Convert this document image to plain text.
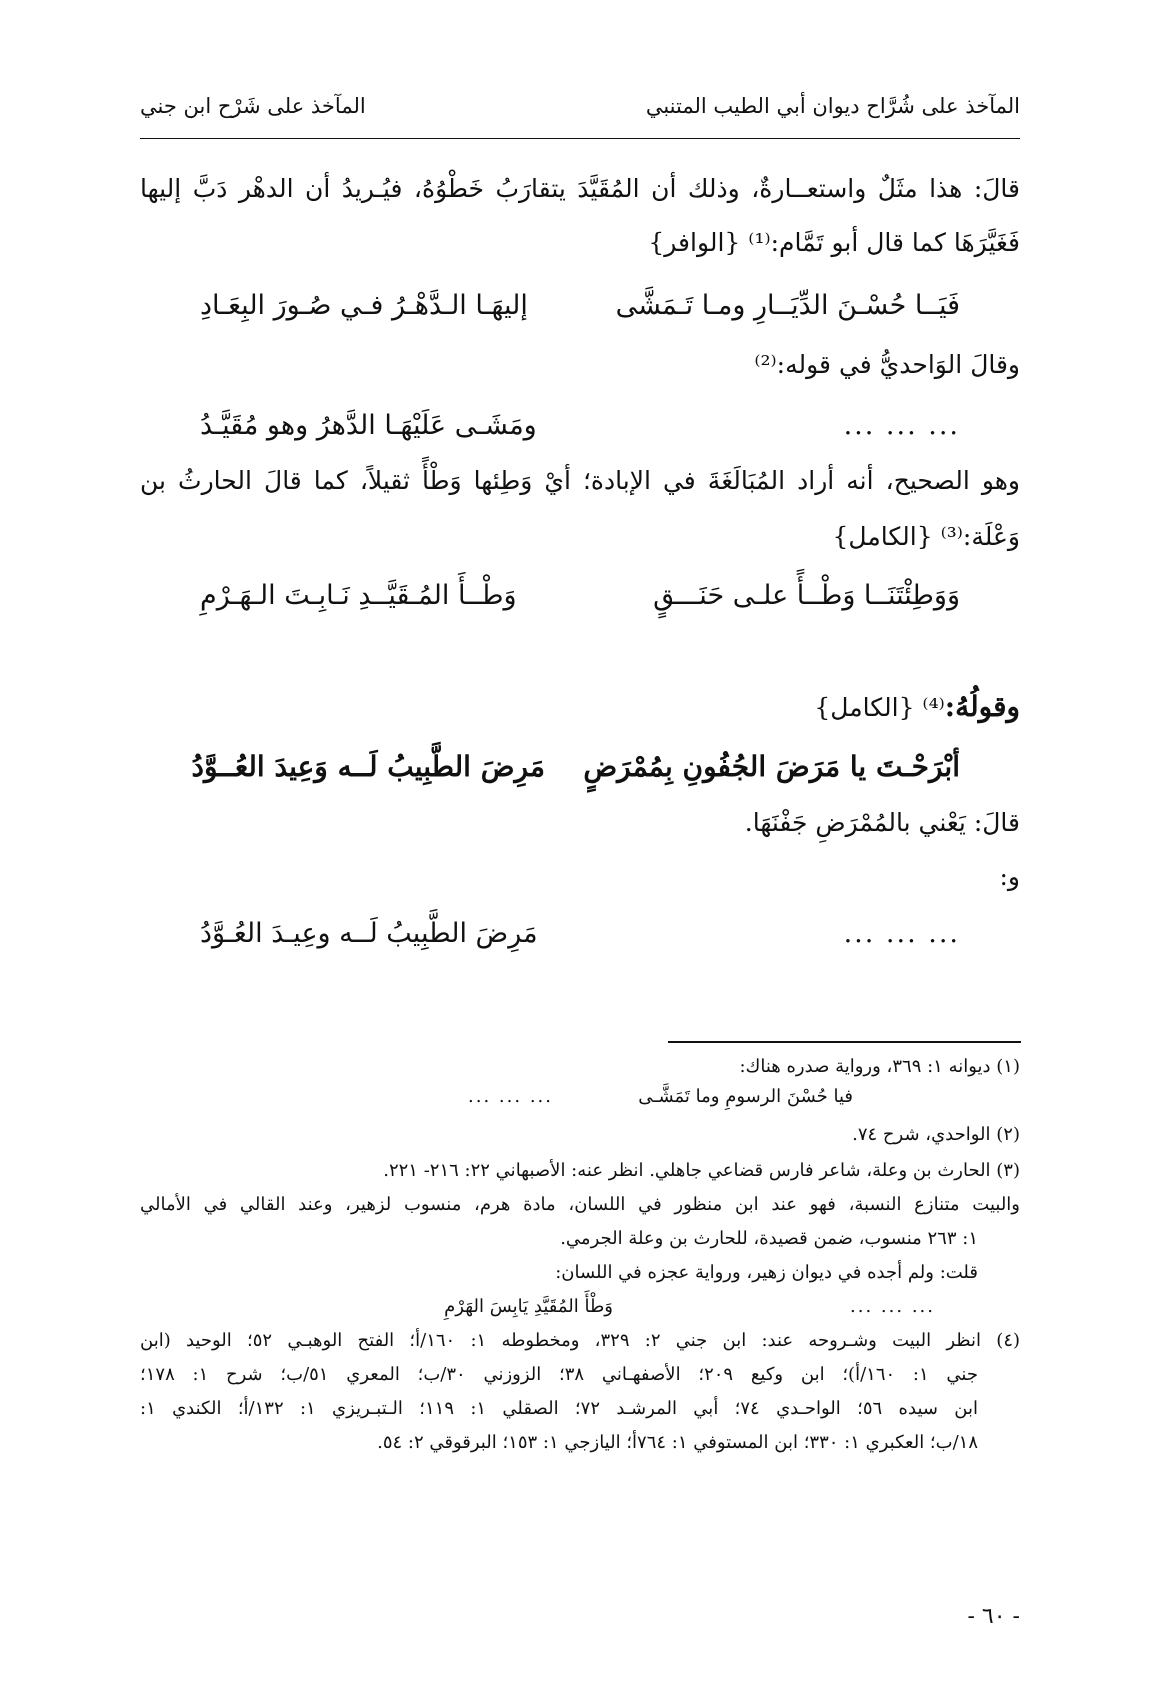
المآخذ على شُرَّاح ديوان أبي الطيب المتنبي
المآخذ على شَرْح ابن جني
قالَ: هذا مثَلٌ واستعــارةٌ، وذلك أن المُقَيَّدَ يتقارَبُ خَطْوُهُ، فيُـريدُ أن الدهْر دَبَّ إليها
فَغَيَّرَهَا كما قال أبو تَمَّام:⁽¹⁾ {الوافر}
فَيَــا حُسْـنَ الدِّيَــارِ ومـا تَـمَشَّى
إليهَـا الـدَّهْـرُ فـي صُـورَ البِعَـادِ
وقالَ الوَاحديُّ في قوله:⁽²⁾
... ... ...
ومَشَـى عَلَيْهَـا الدَّهرُ وهو مُقَيَّـدُ
وهو الصحيح، أنه أراد المُبَالَغَةَ في الإبادة؛ أيْ وَطِئها وَطْأً ثقيلاً، كما قالَ الحارثُ بن
وَعْلَة:⁽³⁾ {الكامل}
وَوَطِئْتَنَــا وَطْــأً علـى حَنَـــقٍ
وَطْــأَ المُـقَيَّــدِ نَـابِـتَ الـهَـرْمِ
وقولُهُ:⁽⁴⁾ {الكامل}
أبْرَحْـتَ يا مَرَضَ الجُفُونِ بِمُمْرَضٍ
مَرِضَ الطَّبِيبُ لَــه وَعِيدَ العُــوَّدُ
قالَ: يَعْني بالمُمْرَضِ جَفْنَهَا.
و:
... ... ...
مَرِضَ الطَّبِيبُ لَــه وعِيـدَ العُـوَّدُ
(١) ديوانه ١: ٣٦٩، ورواية صدره هناك:
فيا حُسْنَ الرسومِ وما تَمَشَّـى
... ... ...
(٢) الواحدي، شرح ٧٤.
(٣) الحارث بن وعلة، شاعر فارس قضاعي جاهلي. انظر عنه: الأصبهاني ٢٢: ٢١٦- ٢٢١.
والبيت متنازع النسبة، فهو عند ابن منظور في اللسان، مادة هرم، منسوب لزهير، وعند القالي في الأمالي
١: ٢٦٣ منسوب، ضمن قصيدة، للحارث بن وعلة الجرمي.
قلت: ولم أجده في ديوان زهير، ورواية عجزه في اللسان:
... ... ...
وَطْأَ المُقَيَّدِ يَابِسَ الهَرْمِ
(٤) انظر البيت وشـروحه عند: ابن جني ٢: ٣٢٩، ومخطوطه ١: ١٦٠/أ؛ الفتح الوهبـي ٥٢؛ الوحيد (ابن
جني ١: ١٦٠/أ)؛ ابن وكيع ٢٠٩؛ الأصفهـاني ٣٨؛ الزوزني ٣٠/ب؛ المعري ٥١/ب؛ شرح ١: ١٧٨؛
ابن سيده ٥٦؛ الواحـدي ٧٤؛ أبي المرشـد ٧٢؛ الصقلي ١: ١١٩؛ الـتبـريزي ١: ١٣٢/أ؛ الكندي ١:
١٨/ب؛ العكبري ١: ٣٣٠؛ ابن المستوفي ١: ٧٦٤أ؛ اليازجي ١: ١٥٣؛ البرقوقي ٢: ٥٤.
- ٦٠ -
